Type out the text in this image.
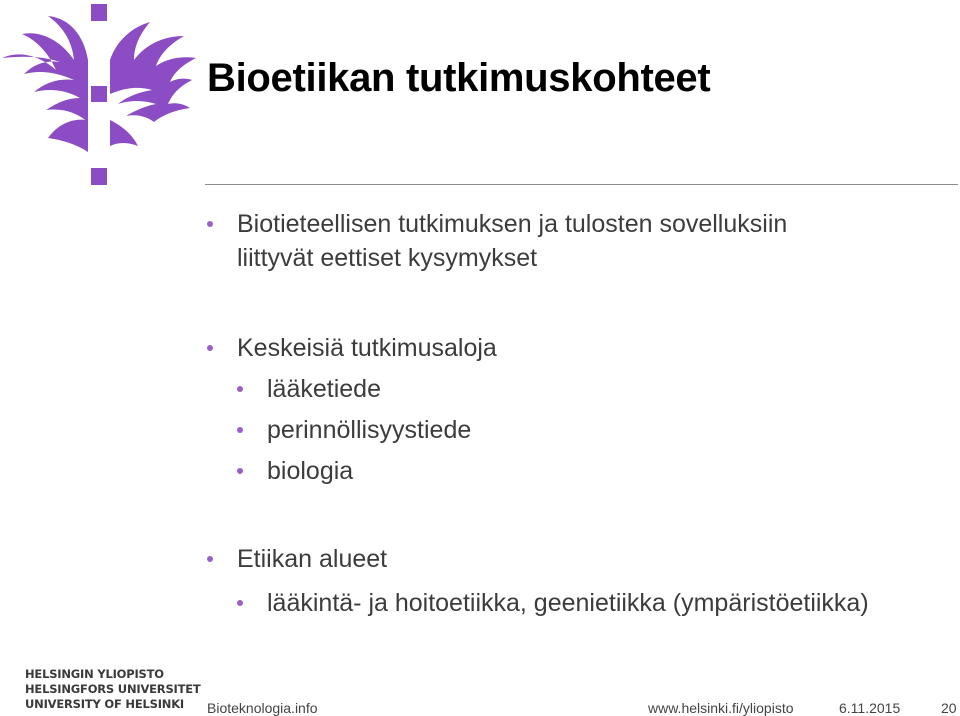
Bioetiikan tutkimuskohteet
Biotieteellisen tutkimuksen ja tulosten sovelluksiin
liittyvät eettiset kysymykset
Keskeisiä tutkimusaloja
lääketiede
perinnöllisyystiede
biologia
Etiikan alueet
lääkintä- ja hoitoetiikka, geenietiikka (ympäristöetiikka)
HELSINGIN YLIOPISTO
HELSINGFORS UNIVERSITET
UNIVERSITY OF HELSINKI	Bioteknologia.info	www.helsinki.fi/yliopisto	6.11.2015	20
